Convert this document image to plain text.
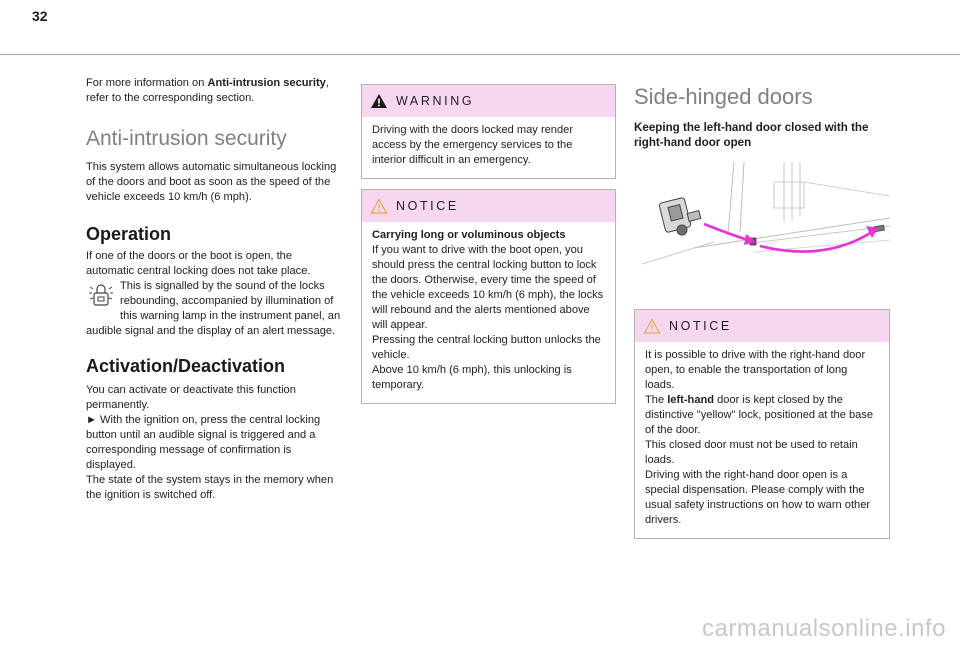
32

For more information on Anti-intrusion security, refer to the corresponding section.

Anti-intrusion security

This system allows automatic simultaneous locking of the doors and boot as soon as the speed of the vehicle exceeds 10 km/h (6 mph).

Operation

If one of the doors or the boot is open, the automatic central locking does not take place.

This is signalled by the sound of the locks rebounding, accompanied by illumination of this warning lamp in the instrument panel, an audible signal and the display of an alert message.

Activation/Deactivation

You can activate or deactivate this function permanently.

► With the ignition on, press the central locking button until an audible signal is triggered and a corresponding message of confirmation is displayed.

The state of the system stays in the memory when the ignition is switched off.

WARNING

Driving with the doors locked may render access by the emergency services to the interior difficult in an emergency.

NOTICE

Carrying long or voluminous objects

If you want to drive with the boot open, you should press the central locking button to lock the doors. Otherwise, every time the speed of the vehicle exceeds 10 km/h (6 mph), the locks will rebound and the alerts mentioned above will appear.

Pressing the central locking button unlocks the vehicle.

Above 10 km/h (6 mph), this unlocking is temporary.

Side-hinged doors

Keeping the left-hand door closed with the right-hand door open

NOTICE

It is possible to drive with the right-hand door open, to enable the transportation of long loads.

The left-hand door is kept closed by the distinctive "yellow" lock, positioned at the base of the door.

This closed door must not be used to retain loads.

Driving with the right-hand door open is a special dispensation. Please comply with the usual safety instructions on how to warn other drivers.

carmanualsonline.info
